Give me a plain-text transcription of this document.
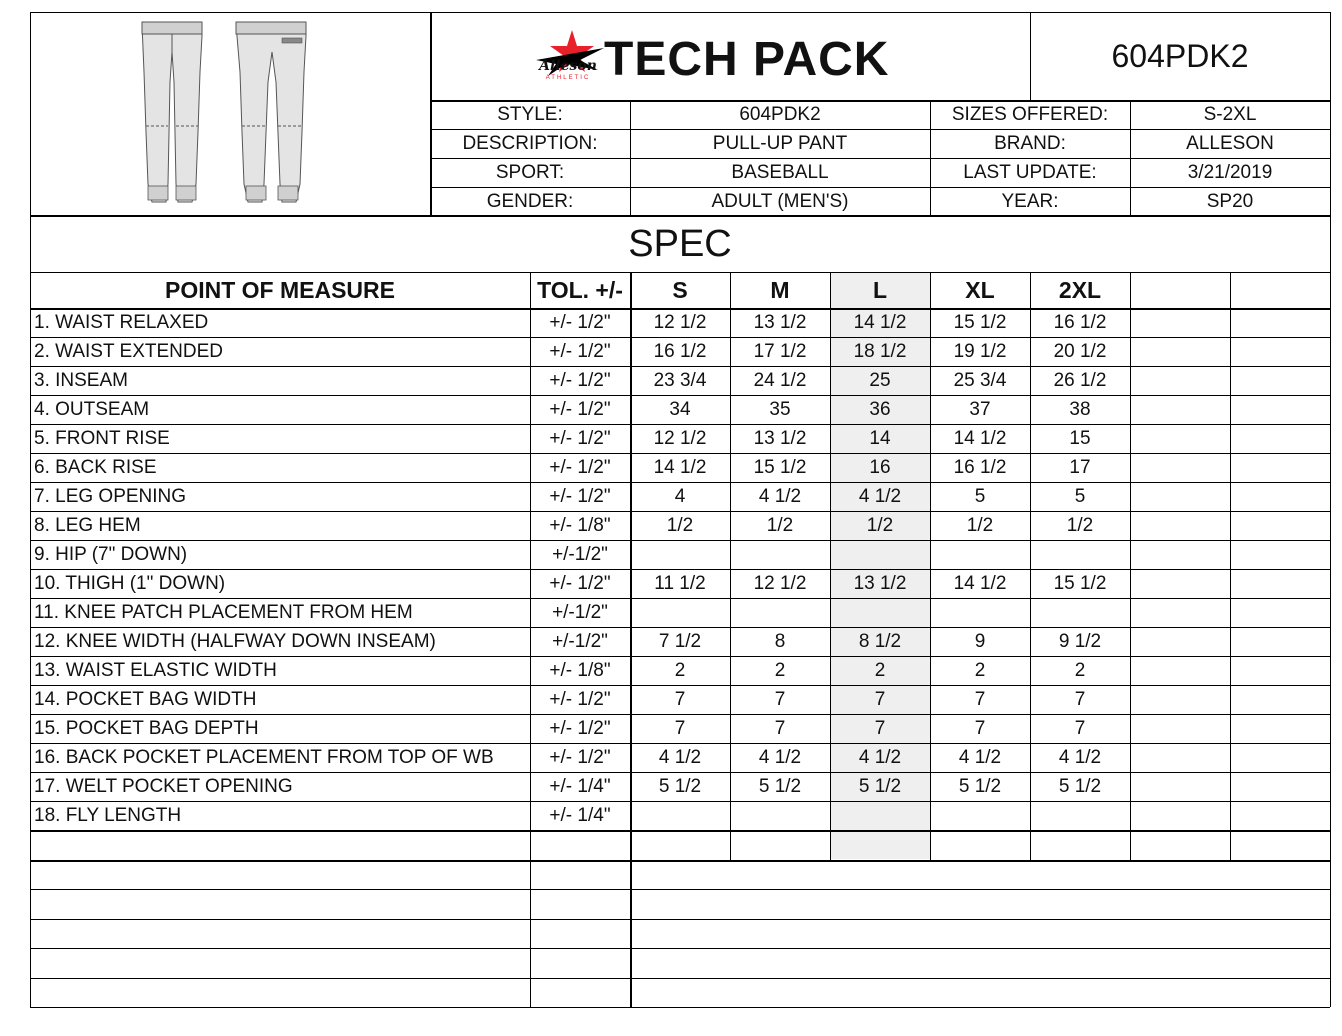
Alleson
ATHLETIC TECH PACK	604PDK2
STYLE:	604PDK2	SIZES OFFERED:	S-2XL
DESCRIPTION:	PULL-UP PANT	BRAND:	ALLESON
SPORT:	BASEBALL	LAST UPDATE:	3/21/2019
GENDER:	ADULT (MEN'S)	YEAR:	SP20
SPEC
POINT OF MEASURE	TOL. +/-	S	M	L	XL	2XL
1. WAIST RELAXED	+/- 1/2"	12 1/2	13 1/2	14 1/2	15 1/2	16 1/2
2. WAIST EXTENDED	+/- 1/2"	16 1/2	17 1/2	18 1/2	19 1/2	20 1/2
3. INSEAM	+/- 1/2"	23 3/4	24 1/2	25	25 3/4	26 1/2
4. OUTSEAM	+/- 1/2"	34	35	36	37	38
5. FRONT RISE	+/- 1/2"	12 1/2	13 1/2	14	14 1/2	15
6. BACK RISE	+/- 1/2"	14 1/2	15 1/2	16	16 1/2	17
7. LEG OPENING	+/- 1/2"	4	4 1/2	4 1/2	5	5
8. LEG HEM	+/- 1/8"	1/2	1/2	1/2	1/2	1/2
9. HIP (7" DOWN)	+/-1/2"
10. THIGH (1" DOWN)	+/- 1/2"	11 1/2	12 1/2	13 1/2	14 1/2	15 1/2
11. KNEE PATCH PLACEMENT FROM HEM	+/-1/2"
12. KNEE WIDTH (HALFWAY DOWN INSEAM)	+/-1/2"	7 1/2	8	8 1/2	9	9 1/2
13. WAIST ELASTIC WIDTH	+/- 1/8"	2	2	2	2	2
14. POCKET BAG WIDTH	+/- 1/2"	7	7	7	7	7
15. POCKET BAG DEPTH	+/- 1/2"	7	7	7	7	7
16. BACK POCKET PLACEMENT FROM TOP OF WB	+/- 1/2"	4 1/2	4 1/2	4 1/2	4 1/2	4 1/2
17. WELT POCKET OPENING	+/- 1/4"	5 1/2	5 1/2	5 1/2	5 1/2	5 1/2
18. FLY LENGTH	+/- 1/4"
